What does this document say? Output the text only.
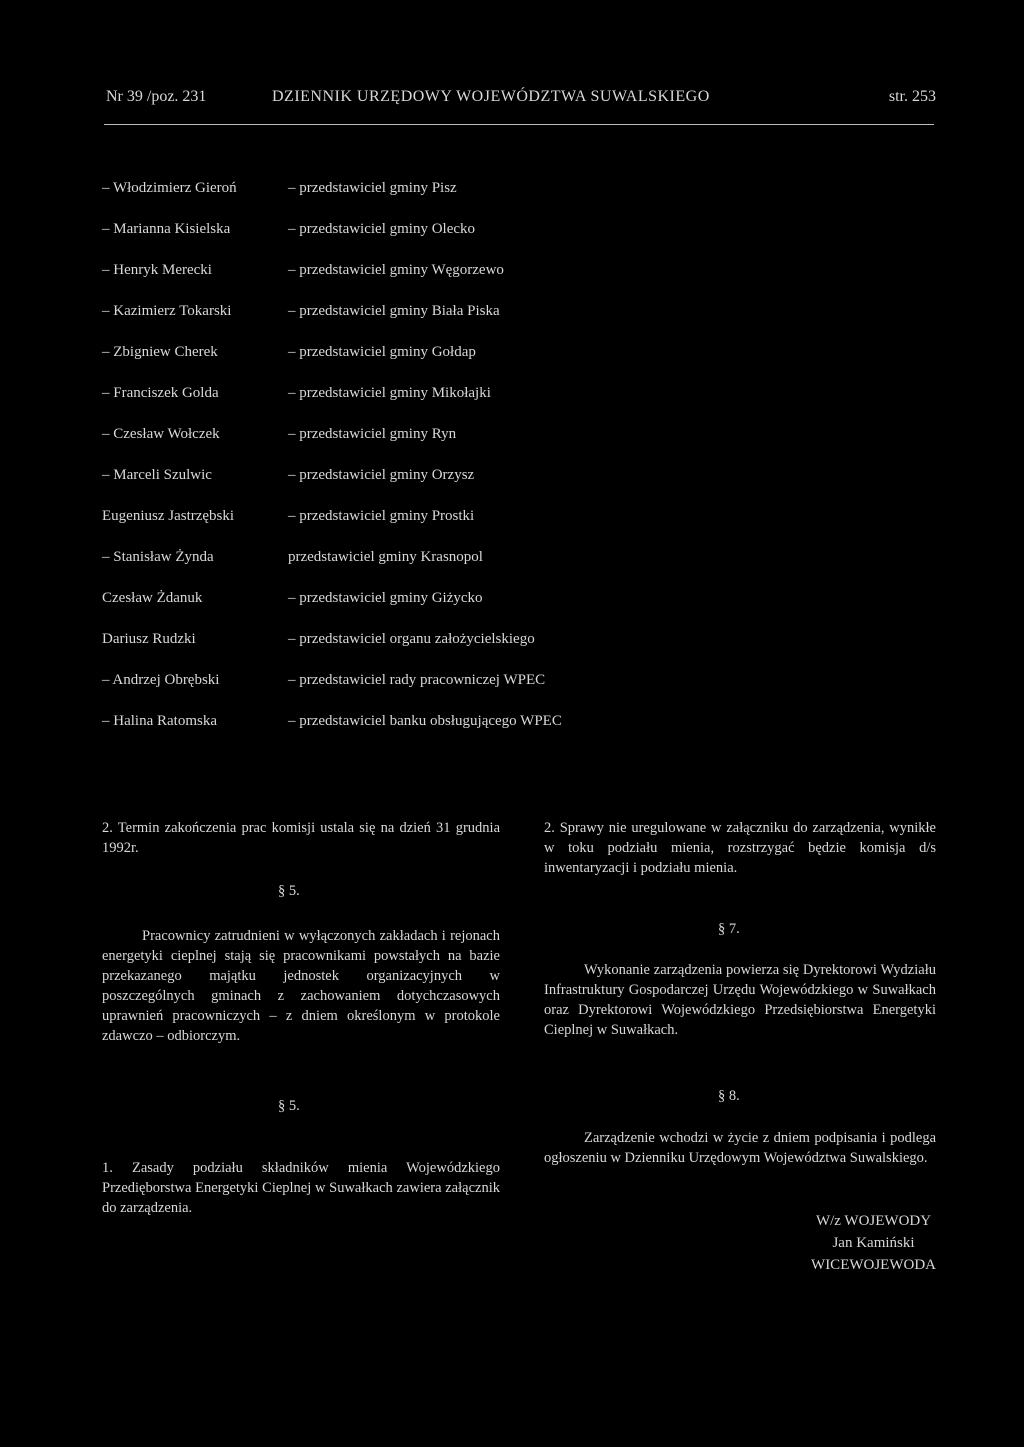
Nr 39 /poz. 231	DZIENNIK URZĘDOWY WOJEWÓDZTWA SUWALSKIEGO	str. 253
– Włodzimierz Gieroń	– przedstawiciel gminy Pisz
– Marianna Kisielska	– przedstawiciel gminy Olecko
– Henryk Merecki	– przedstawiciel gminy Węgorzewo
– Kazimierz Tokarski	– przedstawiciel gminy Biała Piska
– Zbigniew Cherek	– przedstawiciel gminy Gołdap
– Franciszek Golda	– przedstawiciel gminy Mikołajki
– Czesław Wołczek	– przedstawiciel gminy Ryn
– Marceli Szulwic	– przedstawiciel gminy Orzysz
Eugeniusz Jastrzębski	– przedstawiciel gminy Prostki
– Stanisław Żynda	przedstawiciel gminy Krasnopol
Czesław Żdanuk	– przedstawiciel gminy Giżycko
Dariusz Rudzki	– przedstawiciel organu założycielskiego
– Andrzej Obrębski	– przedstawiciel rady pracowniczej WPEC
– Halina Ratomska	– przedstawiciel banku obsługującego WPEC

2. Termin zakończenia prac komisji ustala się na dzień 31 grudnia 1992r.

§ 5.

Pracownicy zatrudnieni w wyłączonych zakładach i rejonach energetyki cieplnej stają się pracownikami powstałych na bazie przekazanego majątku jednostek organizacyjnych w poszczególnych gminach z zachowaniem dotychczasowych uprawnień pracowniczych – z dniem określonym w protokole zdawczo – odbiorczym.

§ 5.

1. Zasady podziału składników mienia Wojewódzkiego Przedięborstwa Energetyki Cieplnej w Suwałkach zawiera załącznik do zarządzenia.

2. Sprawy nie uregulowane w załączniku do zarządzenia, wynikłe w toku podziału mienia, rozstrzygać będzie komisja d/s inwentaryzacji i podziału mienia.

§ 7.

Wykonanie zarządzenia powierza się Dyrektorowi Wydziału Infrastruktury Gospodarczej Urzędu Wojewódzkiego w Suwałkach oraz Dyrektorowi Wojewódzkiego Przedsiębiorstwa Energetyki Cieplnej w Suwałkach.

§ 8.

Zarządzenie wchodzi w życie z dniem podpisania i podlega ogłoszeniu w Dzienniku Urzędowym Województwa Suwalskiego.

W/z WOJEWODY
Jan Kamiński
WICEWOJEWODA
